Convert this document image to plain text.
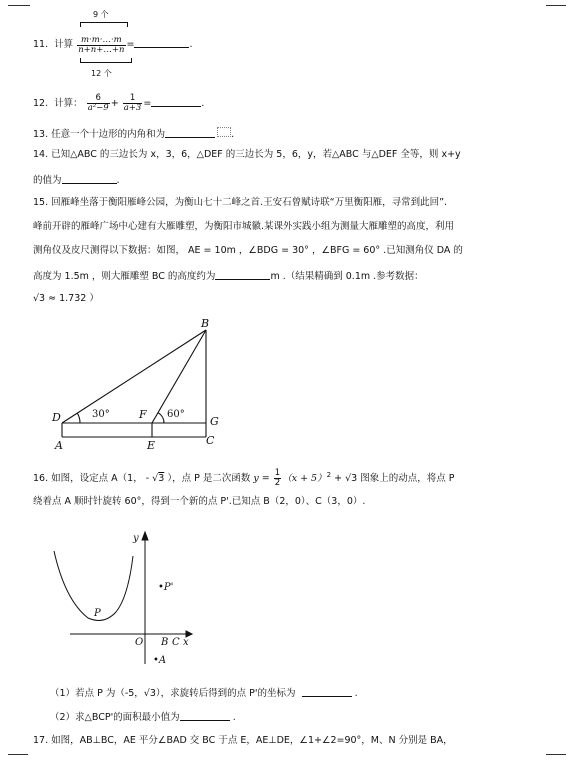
9 个
11. 计算 $\frac{m\cdot m\cdot\dots\cdot m}{n+n+\dots+n}$ =	.
12 个
12. 计算： $\frac{6}{\text{a²−9}} + \frac{1}{a+3}$ =	.
13. 任意一个十边形的内角和为	.
14. 已知△ABC 的三边长为 x，3，6，△DEF 的三边长为 5，6，y，若△ABC 与△DEF 全等，则 x+y
的值为	.
15. 回雁峰坐落于衡阳雁峰公园，为衡山七十二峰之首.王安石曾赋诗联“万里衡阳雁，寻常到此回”.
峰前开辟的雁峰广场中心建有大雁雕塑，为衡阳市城徽.某课外实践小组为测量大雁雕塑的高度，利用
测角仪及皮尺测得以下数据：如图， AE = 10m ，∠BDG = 30° ，∠BFG = 60° .已知测角仪 DA 的
高度为 1.5m ，则大雁雕塑 BC 的高度约为	m .（结果精确到 0.1m .参考数据：
√3 ≈ 1.732 ）
B
D	F
G
A	E	C
30°	60°
16. 如图，设定点 A（1， - √3 ），点 P 是二次函数 $y = \frac{1}{2} (x + 5)^2 + √3$ 图象上的动点，将点 P
绕着点 A 顺时针旋转 60°，得到一个新的点 P'.已知点 B（2，0）、C（3，0）.
y
x
O B C
P
•P'
•A
（1）若点 P 为（-5，√3），求旋转后得到的点 P'的坐标为	.
（2）求△BCP'的面积最小值为	.
17. 如图，AB⊥BC，AE 平分∠BAD 交 BC 于点 E，AE⊥DE，∠1+∠2=90°，M、N 分别是 BA，
